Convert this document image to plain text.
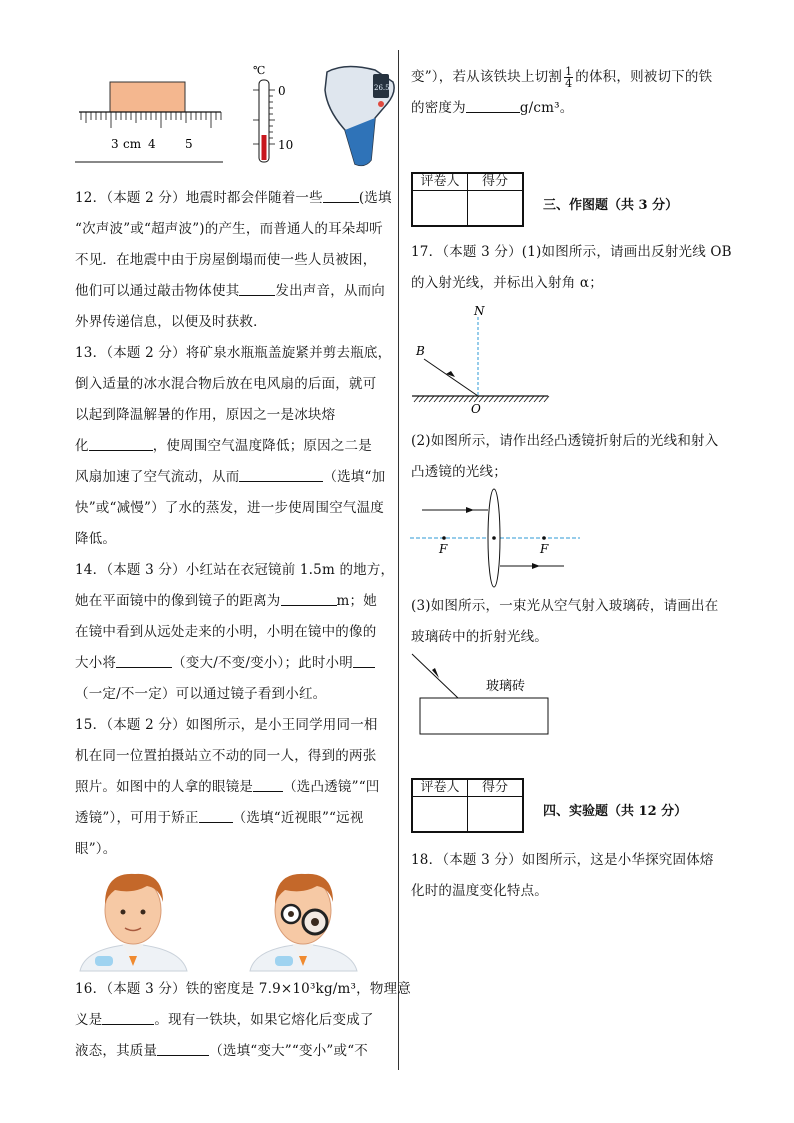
3 cm 4 5
℃
0
10
26.5

12．（本题 2 分）地震时都会伴随着一些	(选填

“次声波”或“超声波”)的产生，而普通人的耳朵却听

不见．在地震中由于房屋倒塌而使一些人员被困，

他们可以通过敲击物体使其	发出声音，从而向

外界传递信息，以便及时获救．

13．（本题 2 分）将矿泉水瓶瓶盖旋紧并剪去瓶底，

倒入适量的冰水混合物后放在电风扇的后面，就可

以起到降温解暑的作用，原因之一是冰块熔

化	，使周围空气温度降低；原因之二是

风扇加速了空气流动，从而	（选填“加

快”或“减慢”）了水的蒸发，进一步使周围空气温度

降低。

14．（本题 3 分）小红站在衣冠镜前 1.5m 的地方，

她在平面镜中的像到镜子的距离为	m；她

在镜中看到从远处走来的小明，小明在镜中的像的

大小将	（变大/不变/变小）；此时小明

（一定/不一定）可以通过镜子看到小红。

15．（本题 2 分）如图所示，是小王同学用同一相

机在同一位置拍摄站立不动的同一人，得到的两张

照片。如图中的人拿的眼镜是 （选凸透镜”“凹

透镜”），可用于矫正	（选填“近视眼”“远视

眼”）。

16．（本题 3 分）铁的密度是 7.9×10³kg/m³，物理意

义是	。现有一铁块，如果它熔化后变成了

液态，其质量	（选填“变大”“变小”或“不

变”），若从该铁块上切割 $\frac{1}{4}$ 的体积，则被切下的铁

的密度为	g/cm³。

评卷人	得分

三、作图题（共 3 分）

17．（本题 3 分）(1)如图所示，请画出反射光线 OB

的入射光线，并标出入射角 α；

N
B
O

(2)如图所示，请作出经凸透镜折射后的光线和射入

凸透镜的光线；

F	F

(3)如图所示，一束光从空气射入玻璃砖，请画出在

玻璃砖中的折射光线。

玻璃砖
评卷人	得分

四、实验题（共 12 分）

18．（本题 3 分）如图所示，这是小华探究固体熔

化时的温度变化特点。
